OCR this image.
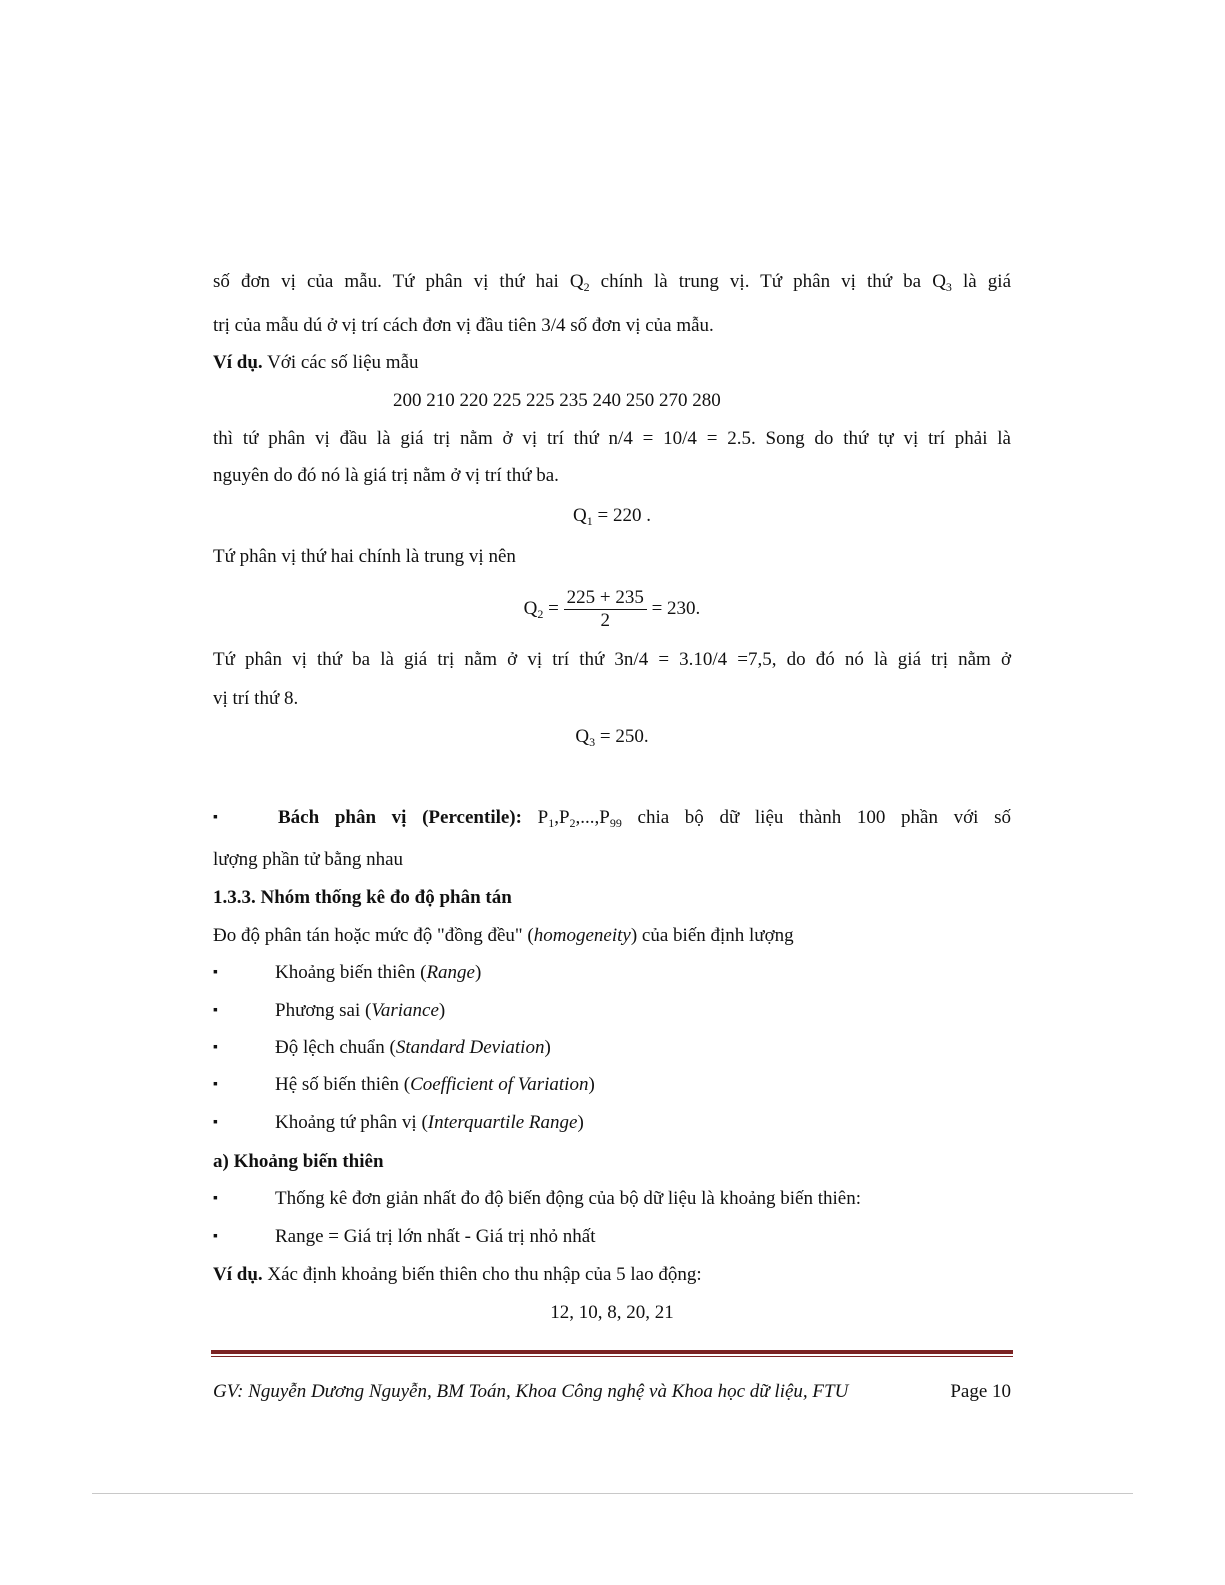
số đơn vị của mẫu. Tứ phân vị thứ hai $Q_2$ chính là trung vị. Tứ phân vị thứ ba $Q_3$ là giá
trị của mẫu dú ở vị trí cách đơn vị đầu tiên 3/4 số đơn vị của mẫu.
Ví dụ. Với các số liệu mẫu
200 210 220 225 225 235 240 250 270 280
thì tứ phân vị đầu là giá trị nằm ở vị trí thứ n/4 = 10/4 = 2.5. Song do thứ tự vị trí phải là
nguyên do đó nó là giá trị nằm ở vị trí thứ ba.
$Q_1 = 220$ .
Tứ phân vị thứ hai chính là trung vị nên
$Q_2 = \frac{225 + 235}{2} = 230$.
Tứ phân vị thứ ba là giá trị nằm ở vị trí thứ 3n/4 = 3.10/4 =7,5, do đó nó là giá trị nằm ở
vị trí thứ 8.
$Q_3 = 250$.
▪	Bách phân vị (Percentile): $P_1,P_2,...,P_{99}$ chia bộ dữ liệu thành 100 phần với số
lượng phần tử bằng nhau
1.3.3. Nhóm thống kê đo độ phân tán
Đo độ phân tán hoặc mức độ "đồng đều" (homogeneity) của biến định lượng
▪	Khoảng biến thiên (Range)
▪	Phương sai (Variance)
▪	Độ lệch chuẩn (Standard Deviation)
▪	Hệ số biến thiên (Coefficient of Variation)
▪	Khoảng tứ phân vị (Interquartile Range)
a) Khoảng biến thiên
▪	Thống kê đơn giản nhất đo độ biến động của bộ dữ liệu là khoảng biến thiên:
▪	Range = Giá trị lớn nhất - Giá trị nhỏ nhất
Ví dụ. Xác định khoảng biến thiên cho thu nhập của 5 lao động:
12, 10, 8, 20, 21
GV: Nguyễn Dương Nguyễn, BM Toán, Khoa Công nghệ và Khoa học dữ liệu, FTU	Page 10
